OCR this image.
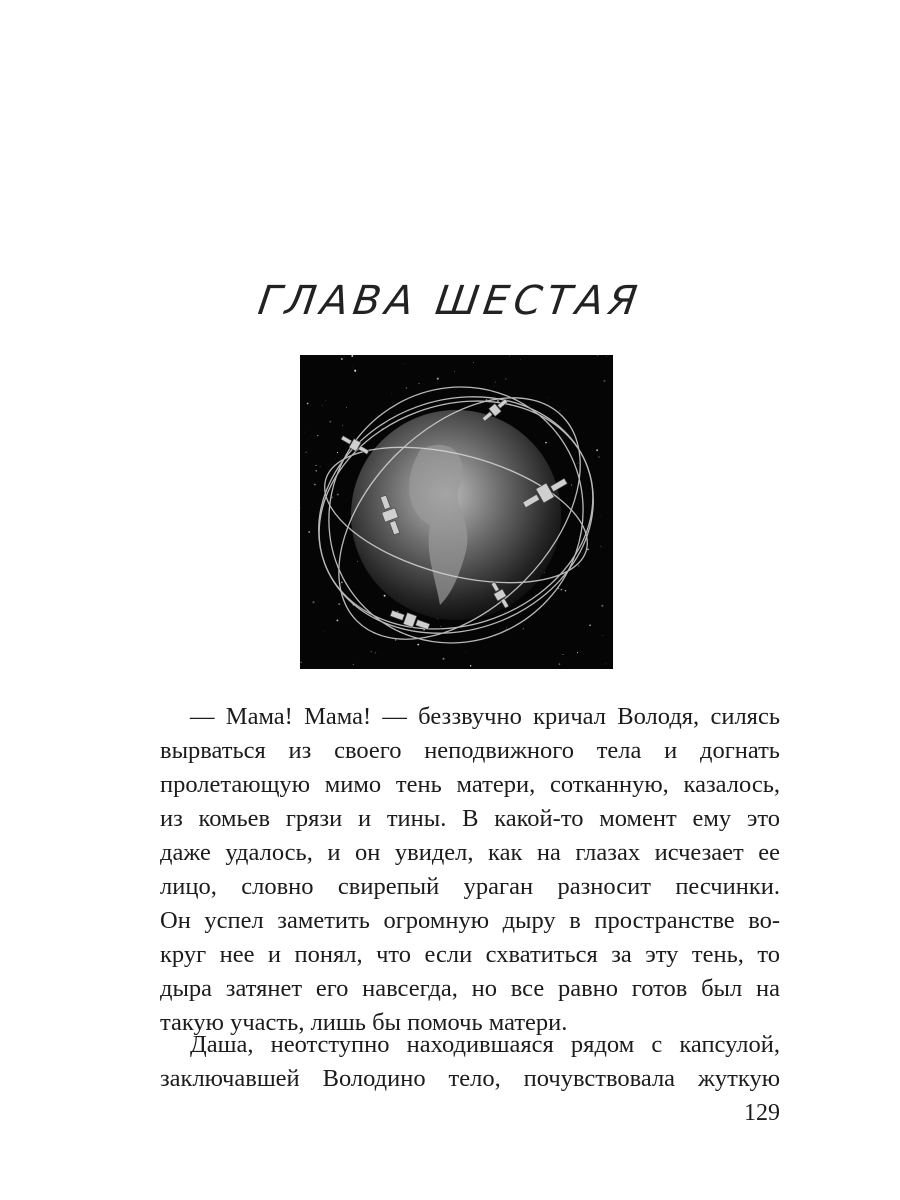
ГЛАВА ШЕСТАЯ
— Мама! Мама! — беззвучно кричал Володя, силясь
вырваться из своего неподвижного тела и догнать
пролетающую мимо тень матери, сотканную, казалось,
из комьев грязи и тины. В какой-то момент ему это
даже удалось, и он увидел, как на глазах исчезает ее
лицо, словно свирепый ураган разносит песчинки.
Он успел заметить огромную дыру в пространстве во-
круг нее и понял, что если схватиться за эту тень, то
дыра затянет его навсегда, но все равно готов был на
такую участь, лишь бы помочь матери.
Даша, неотступно находившаяся рядом с капсулой,
заключавшей Володино тело, почувствовала жуткую
129
